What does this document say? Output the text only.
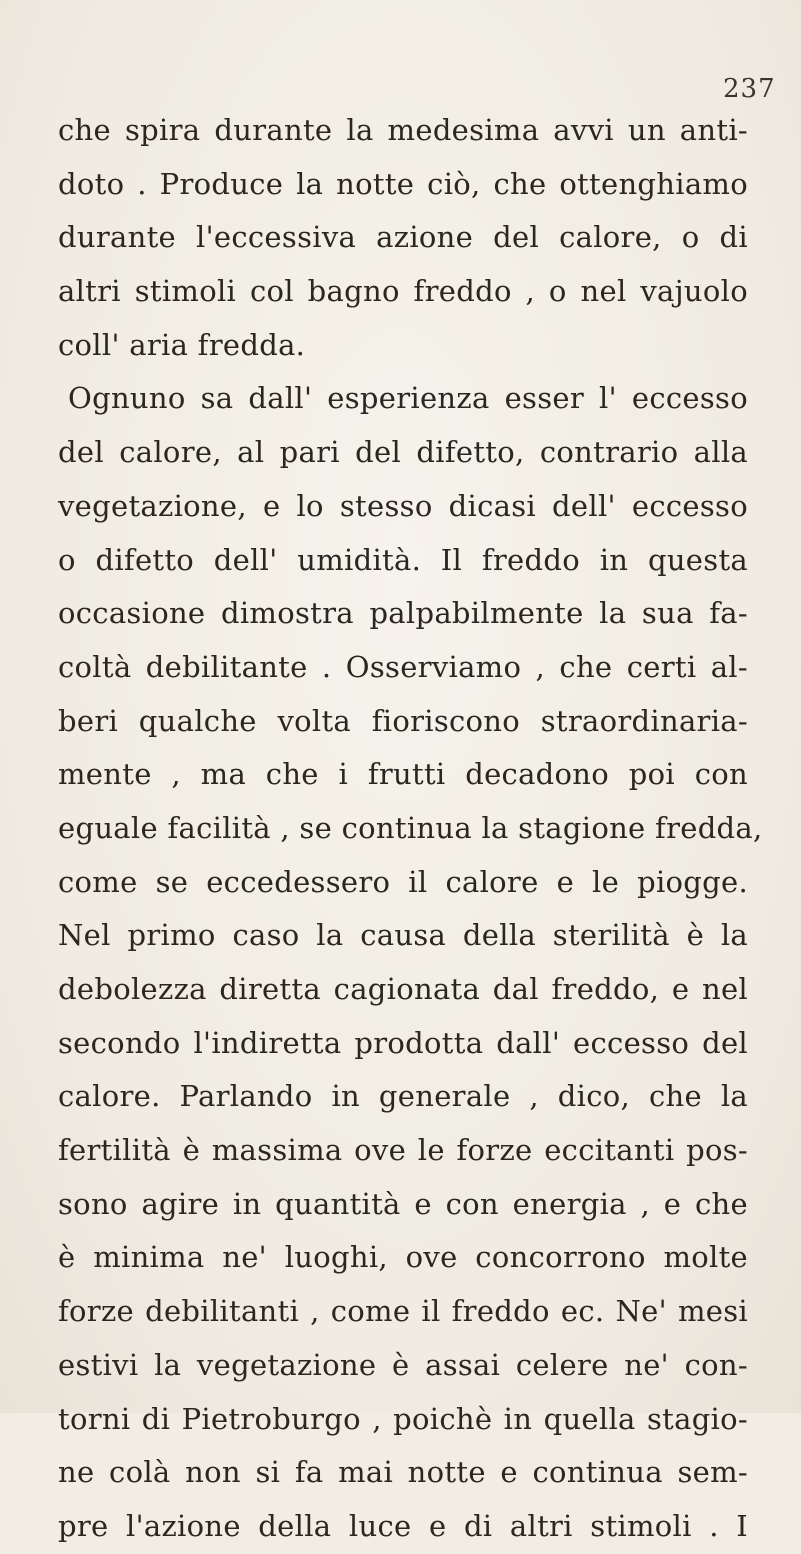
237
che spira durante la medesima avvi un anti-
doto . Produce la notte ciò, che ottenghiamo
durante l'eccessiva azione del calore, o di
altri stimoli col bagno freddo , o nel vajuolo
coll' aria fredda.
Ognuno sa dall' esperienza esser l' eccesso
del calore, al pari del difetto, contrario alla
vegetazione, e lo stesso dicasi dell' eccesso
o difetto dell' umidità. Il freddo in questa
occasione dimostra palpabilmente la sua fa-
coltà debilitante . Osserviamo , che certi al-
beri qualche volta fioriscono straordinaria-
mente , ma che i frutti decadono poi con
eguale facilità , se continua la stagione fredda,
come se eccedessero il calore e le piogge.
Nel primo caso la causa della sterilità è la
debolezza diretta cagionata dal freddo, e nel
secondo l'indiretta prodotta dall' eccesso del
calore. Parlando in generale , dico, che la
fertilità è massima ove le forze eccitanti pos-
sono agire in quantità e con energia , e che
è minima ne' luoghi, ove concorrono molte
forze debilitanti , come il freddo ec. Ne' mesi
estivi la vegetazione è assai celere ne' con-
torni di Pietroburgo , poichè in quella stagio-
ne colà non si fa mai notte e continua sem-
pre l'azione della luce e di altri stimoli . I
